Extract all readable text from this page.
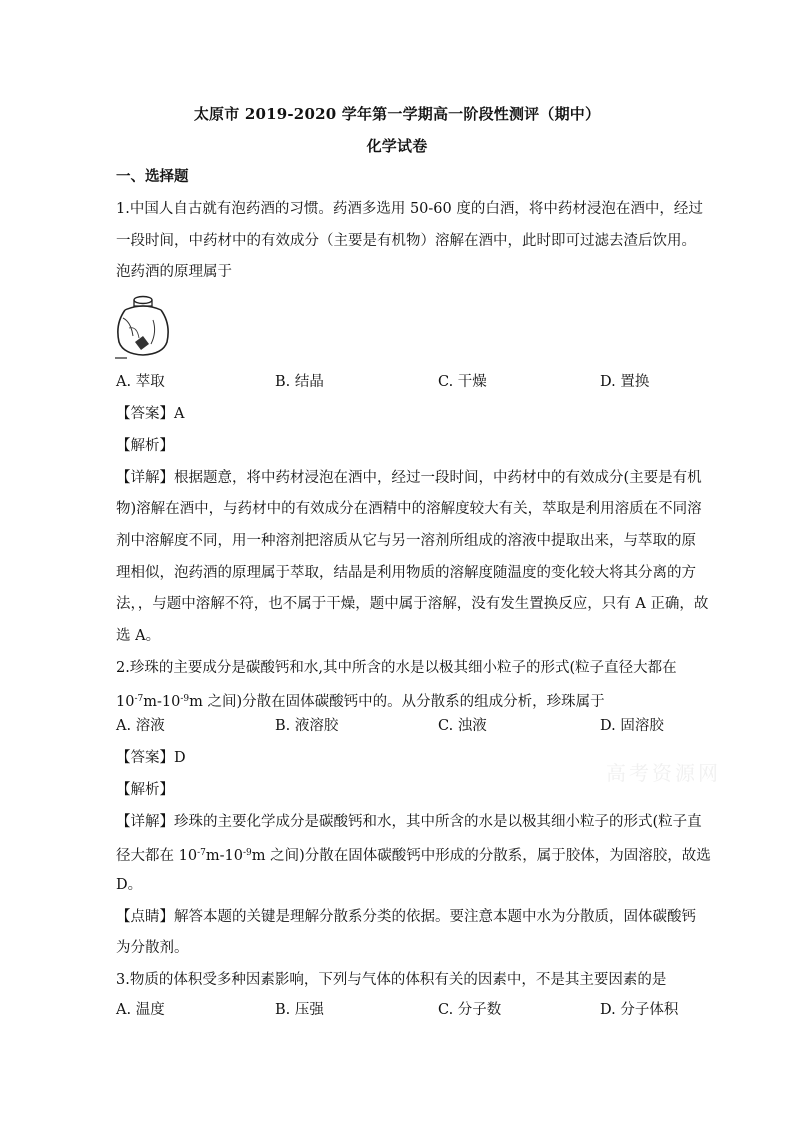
太原市 2019-2020 学年第一学期高一阶段性测评（期中）
化学试卷
一、选择题
1.中国人自古就有泡药酒的习惯。药酒多选用 50-60 度的白酒，将中药材浸泡在酒中，经过
一段时间，中药材中的有效成分（主要是有机物）溶解在酒中，此时即可过滤去渣后饮用。
泡药酒的原理属于
A. 萃取	B. 结晶	C. 干燥	D. 置换
【答案】A
【解析】
【详解】根据题意，将中药材浸泡在酒中，经过一段时间，中药材中的有效成分(主要是有机
物)溶解在酒中，与药材中的有效成分在酒精中的溶解度较大有关，萃取是利用溶质在不同溶
剂中溶解度不同，用一种溶剂把溶质从它与另一溶剂所组成的溶液中提取出来，与萃取的原
理相似，泡药酒的原理属于萃取，结晶是利用物质的溶解度随温度的变化较大将其分离的方
法，，与题中溶解不符，也不属于干燥，题中属于溶解，没有发生置换反应，只有 A 正确，故
选 A。
2.珍珠的主要成分是碳酸钙和水,其中所含的水是以极其细小粒子的形式(粒子直径大都在
$10^{-7}m-10^{-9}m$ 之间)分散在固体碳酸钙中的。从分散系的组成分析，珍珠属于
A. 溶液	B. 液溶胶	C. 浊液	D. 固溶胶
【答案】D
高考资源网
【解析】
【详解】珍珠的主要化学成分是碳酸钙和水，其中所含的水是以极其细小粒子的形式(粒子直
径大都在 $10^{-7}m-10^{-9}m$ 之间)分散在固体碳酸钙中形成的分散系，属于胶体，为固溶胶，故选
D。
【点睛】解答本题的关键是理解分散系分类的依据。要注意本题中水为分散质，固体碳酸钙
为分散剂。
3.物质的体积受多种因素影响，下列与气体的体积有关的因素中，不是其主要因素的是
A. 温度	B. 压强	C. 分子数	D. 分子体积
